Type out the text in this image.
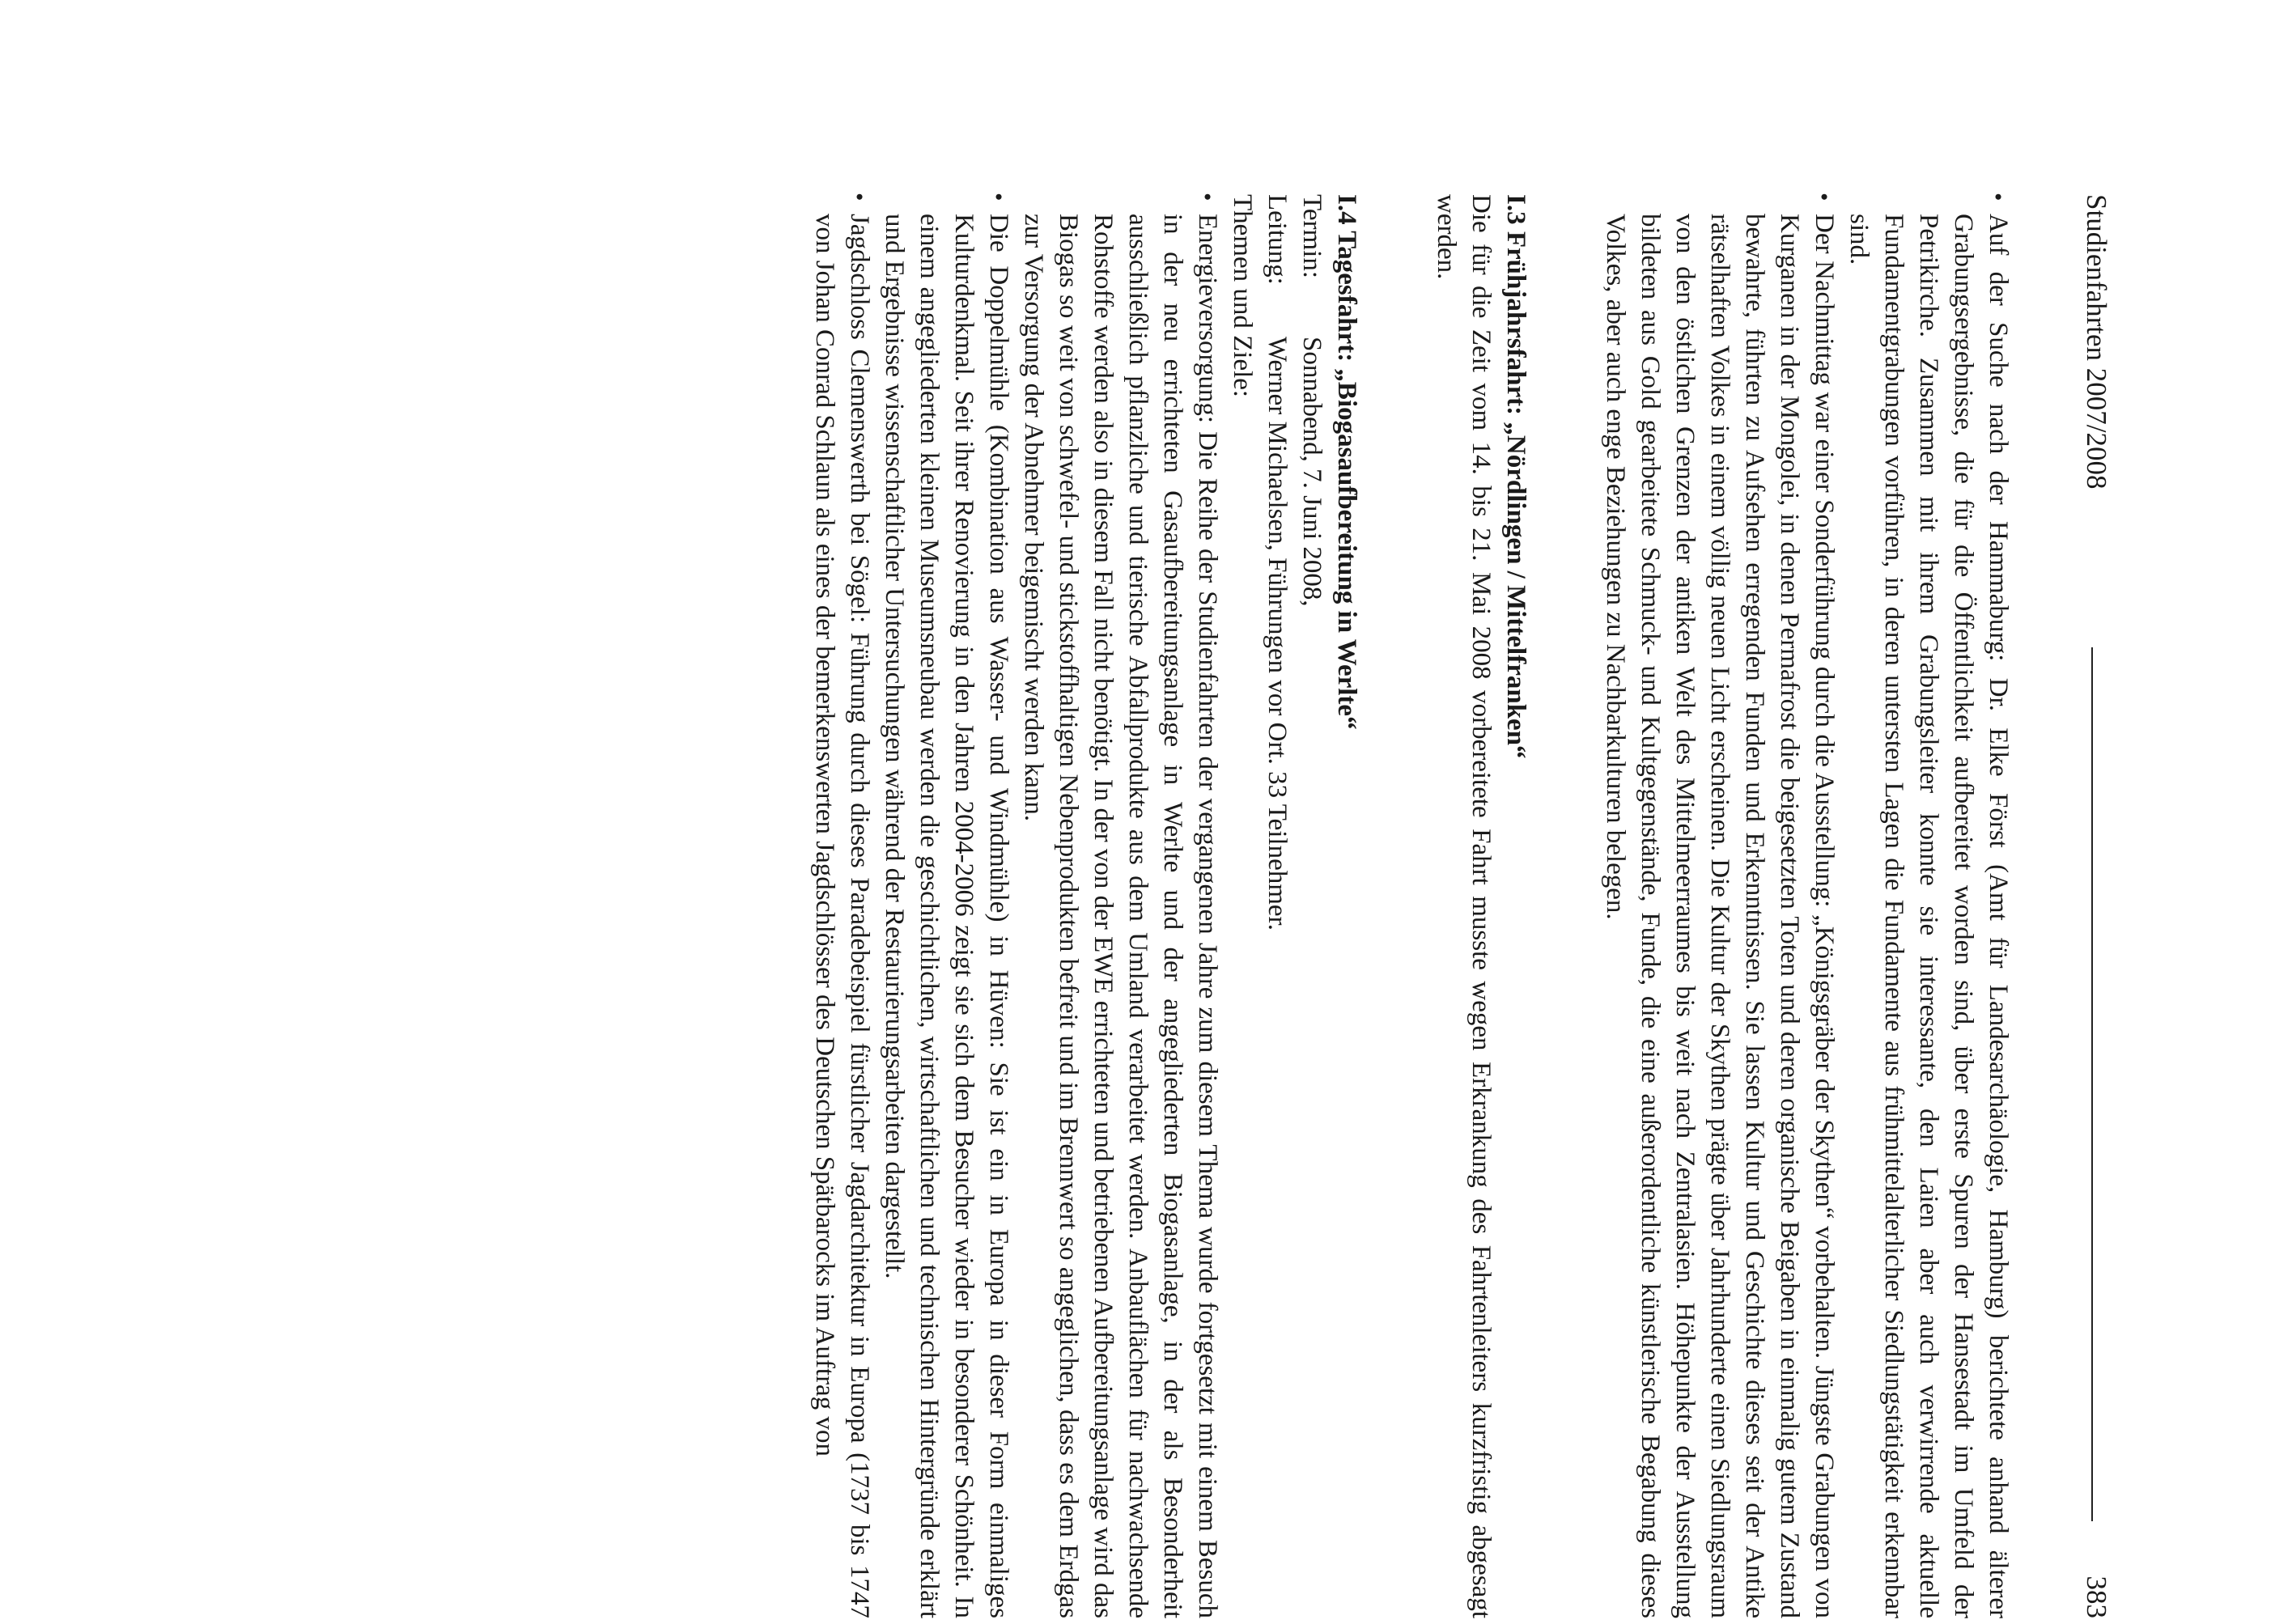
Studienfahrten 2007/2008
383
•
Auf der Suche nach der Hammaburg: Dr. Elke Först (Amt für Landesarchäologie, Hamburg) berichtete anhand älterer Grabungsergebnisse, die für die Öffentlichkeit aufbereitet worden sind, über erste Spuren der Hansestadt im Umfeld der Petrikirche. Zusammen mit ihrem Grabungsleiter konnte sie interessante, den Laien aber auch verwirrende aktuelle Fundamentgrabungen vorführen, in deren untersten Lagen die Fundamente aus frühmittelalterlicher Siedlungstätigkeit erkennbar sind.
•
Der Nachmittag war einer Sonderführung durch die Ausstellung: „Königsgräber der Skythen“ vorbehalten. Jüngste Grabungen von Kurganen in der Mongolei, in denen Permafrost die beigesetzten Toten und deren organische Beigaben in einmalig gutem Zustand bewahrte, führten zu Aufsehen erregenden Funden und Erkenntnissen. Sie lassen Kultur und Geschichte dieses seit der Antike rätselhaften Volkes in einem völlig neuen Licht erscheinen. Die Kultur der Skythen prägte über Jahrhunderte einen Siedlungsraum von den östlichen Grenzen der antiken Welt des Mittelmeerraumes bis weit nach Zentralasien. Höhepunkte der Ausstellung bildeten aus Gold gearbeitete Schmuck- und Kultgegenstände, Funde, die eine außerordentliche künstlerische Begabung dieses Volkes, aber auch enge Beziehungen zu Nachbarkulturen belegen.
I.3 Frühjahrsfahrt: „Nördlingen / Mittelfranken“

Die für die Zeit vom 14. bis 21. Mai 2008 vorbereitete Fahrt musste wegen Erkrankung des Fahrtenleiters kurzfristig abgesagt werden.

I.4 Tagesfahrt: „Biogasaufbereitung in Werlte“
Termin:
Sonnabend, 7. Juni 2008,
Leitung:
Werner Michaelsen, Führungen vor Ort. 33 Teilnehmer.
Themen und Ziele:
•
Energieversorgung: Die Reihe der Studienfahrten der vergangenen Jahre zum diesem Thema wurde fortgesetzt mit einem Besuch in der neu errichteten Gasaufbereitungsanlage in Werlte und der angegliederten Biogasanlage, in der als Besonderheit ausschließlich pflanzliche und tierische Abfallprodukte aus dem Umland verarbeitet werden. Anbauflächen für nachwachsende Rohstoffe werden also in diesem Fall nicht benötigt. In der von der EWE errichteten und betriebenen Aufbereitungsanlage wird das Biogas so weit von schwefel- und stickstoffhaltigen Nebenprodukten befreit und im Brennwert so angeglichen, dass es dem Erdgas zur Versorgung der Abnehmer beigemischt werden kann.
•
Die Doppelmühle (Kombination aus Wasser- und Windmühle) in Hüven: Sie ist ein in Europa in dieser Form einmaliges Kulturdenkmal. Seit ihrer Renovierung in den Jahren 2004-2006 zeigt sie sich dem Besucher wieder in besonderer Schönheit. In einem angegliederten kleinen Museumsneubau werden die geschichtlichen, wirtschaftlichen und technischen Hintergründe erklärt und Ergebnisse wissenschaftlicher Untersuchungen während der Restaurierungsarbeiten dargestellt.
•
Jagdschloss Clemenswerth bei Sögel: Führung durch dieses Paradebeispiel fürstlicher Jagdarchitektur in Europa (1737 bis 1747 von Johan Conrad Schlaun als eines der bemerkenswerten Jagdschlösser des Deutschen Spätbarocks im Auftrag von
